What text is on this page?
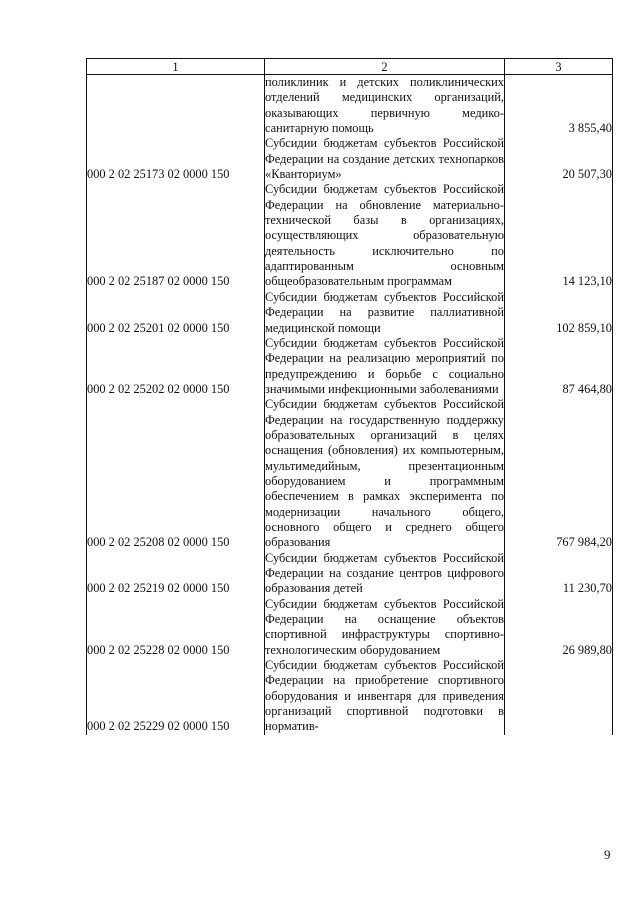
1	2	3
	поликлиник и детских поликлинических отделений медицинских организаций, оказывающих первичную медико-санитарную помощь	3 855,40
000 2 02 25173 02 0000 150	Субсидии бюджетам субъектов Российской Федерации на создание детских технопарков «Кванториум»	20 507,30
000 2 02 25187 02 0000 150	Субсидии бюджетам субъектов Российской Федерации на обновление материально-технической базы в организациях, осуществляющих образовательную деятельность исключительно по адаптированным основным общеобразовательным программам	14 123,10
000 2 02 25201 02 0000 150	Субсидии бюджетам субъектов Российской Федерации на развитие паллиативной медицинской помощи	102 859,10
000 2 02 25202 02 0000 150	Субсидии бюджетам субъектов Российской Федерации на реализацию мероприятий по предупреждению и борьбе с социально значимыми инфекционными заболеваниями	87 464,80
000 2 02 25208 02 0000 150	Субсидии бюджетам субъектов Российской Федерации на государственную поддержку образовательных организаций в целях оснащения (обновления) их компьютерным, мультимедийным, презентационным оборудованием и программным обеспечением в рамках эксперимента по модернизации начального общего, основного общего и среднего общего образования	767 984,20
000 2 02 25219 02 0000 150	Субсидии бюджетам субъектов Российской Федерации на создание центров цифрового образования детей	11 230,70
000 2 02 25228 02 0000 150	Субсидии бюджетам субъектов Российской Федерации на оснащение объектов спортивной инфраструктуры спортивно-технологическим оборудованием	26 989,80
000 2 02 25229 02 0000 150	Субсидии бюджетам субъектов Российской Федерации на приобретение спортивного оборудования и инвентаря для приведения организаций спортивной подготовки в норматив-	
9
